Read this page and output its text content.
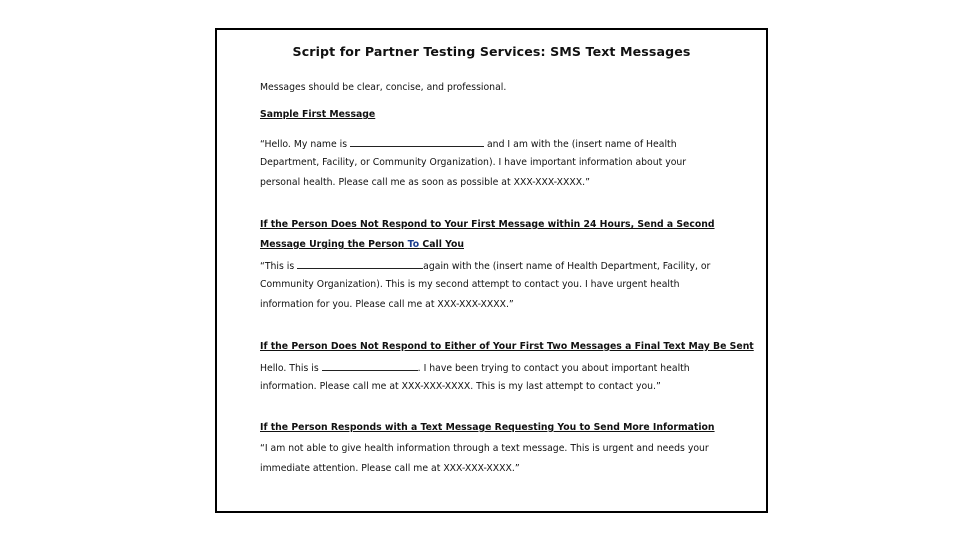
Script for Partner Testing Services: SMS Text Messages
Messages should be clear, concise, and professional.
Sample First Message
“Hello. My name is	and I am with the (insert name of Health
Department, Facility, or Community Organization). I have important information about your
personal health. Please call me as soon as possible at XXX-XXX-XXXX.”
If the Person Does Not Respond to Your First Message within 24 Hours, Send a Second
Message Urging the Person To Call You
“This is	again with the (insert name of Health Department, Facility, or
Community Organization). This is my second attempt to contact you. I have urgent health
information for you. Please call me at XXX-XXX-XXXX.”
If the Person Does Not Respond to Either of Your First Two Messages a Final Text May Be Sent
Hello. This is	. I have been trying to contact you about important health
information. Please call me at XXX-XXX-XXXX. This is my last attempt to contact you.”
If the Person Responds with a Text Message Requesting You to Send More Information
“I am not able to give health information through a text message. This is urgent and needs your
immediate attention. Please call me at XXX-XXX-XXXX.”
